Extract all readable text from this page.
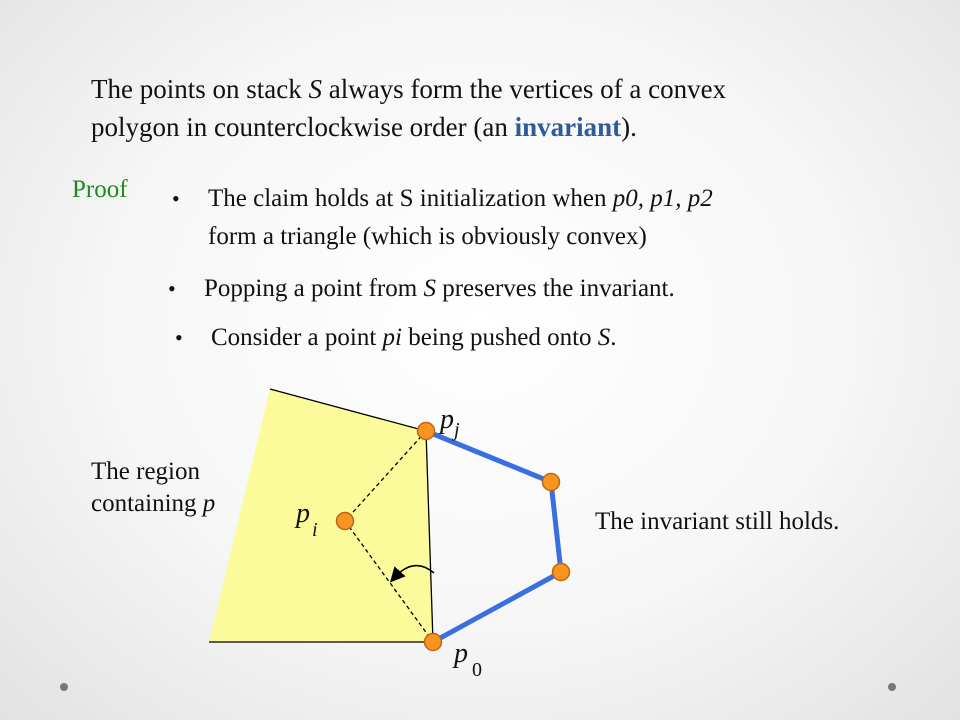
The points on stack S always form the vertices of a convex
polygon in counterclockwise order (an invariant).
Proof • The claim holds at S initialization when p0, p1, p2
form a triangle (which is obviously convex)
• Popping a point from S preserves the invariant.
• Consider a point pi being pushed onto S.
The region
containing p
$p_j$
$p_i$
$p_0$
The invariant still holds.
